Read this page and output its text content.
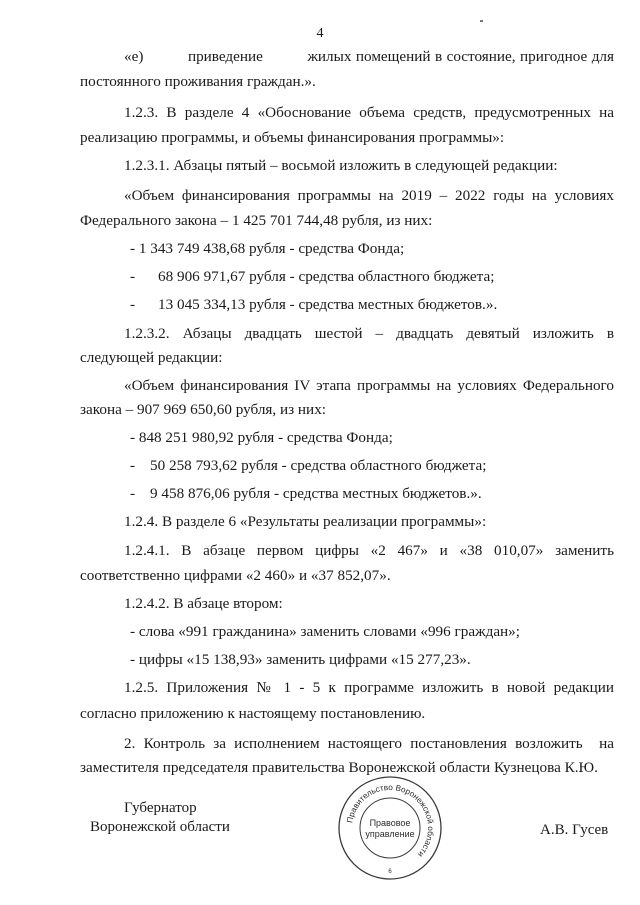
4
«е)          приведение          жилых помещений в состояние, пригодное для
постоянного проживания граждан.».
1.2.3. В разделе 4 «Обоснование объема средств, предусмотренных на
реализацию программы, и объемы финансирования программы»:
1.2.3.1. Абзацы пятый – восьмой изложить в следующей редакции:
«Объем финансирования программы на 2019 – 2022 годы на условиях
Федерального закона – 1 425 701 744,48 рубля, из них:
- 1 343 749 438,68 рубля - средства Фонда;
- 68 906 971,67 рубля - средства областного бюджета;
- 13 045 334,13 рубля - средства местных бюджетов.».
1.2.3.2. Абзацы двадцать шестой – двадцать девятый изложить в
следующей редакции:
«Объем финансирования IV этапа программы на условиях Федерального
закона – 907 969 650,60 рубля, из них:
- 848 251 980,92 рубля - средства Фонда;
- 50 258 793,62 рубля - средства областного бюджета;
- 9 458 876,06 рубля - средства местных бюджетов.».
1.2.4. В разделе 6 «Результаты реализации программы»:
1.2.4.1. В абзаце первом цифры «2 467» и «38 010,07» заменить
соответственно цифрами «2 460» и «37 852,07».
1.2.4.2. В абзаце втором:
- слова «991 гражданина» заменить словами «996 граждан»;
- цифры «15 138,93» заменить цифрами «15 277,23».
1.2.5. Приложения № 1 - 5 к программе изложить в новой редакции
согласно приложению к настоящему постановлению.
2. Контроль за исполнением настоящего постановления возложить  на
заместителя председателя правительства Воронежской области Кузнецова К.Ю.
Губернатор
Воронежской области	А.В. Гусев
Правительство Воронежской области
Правовое
управление
6
